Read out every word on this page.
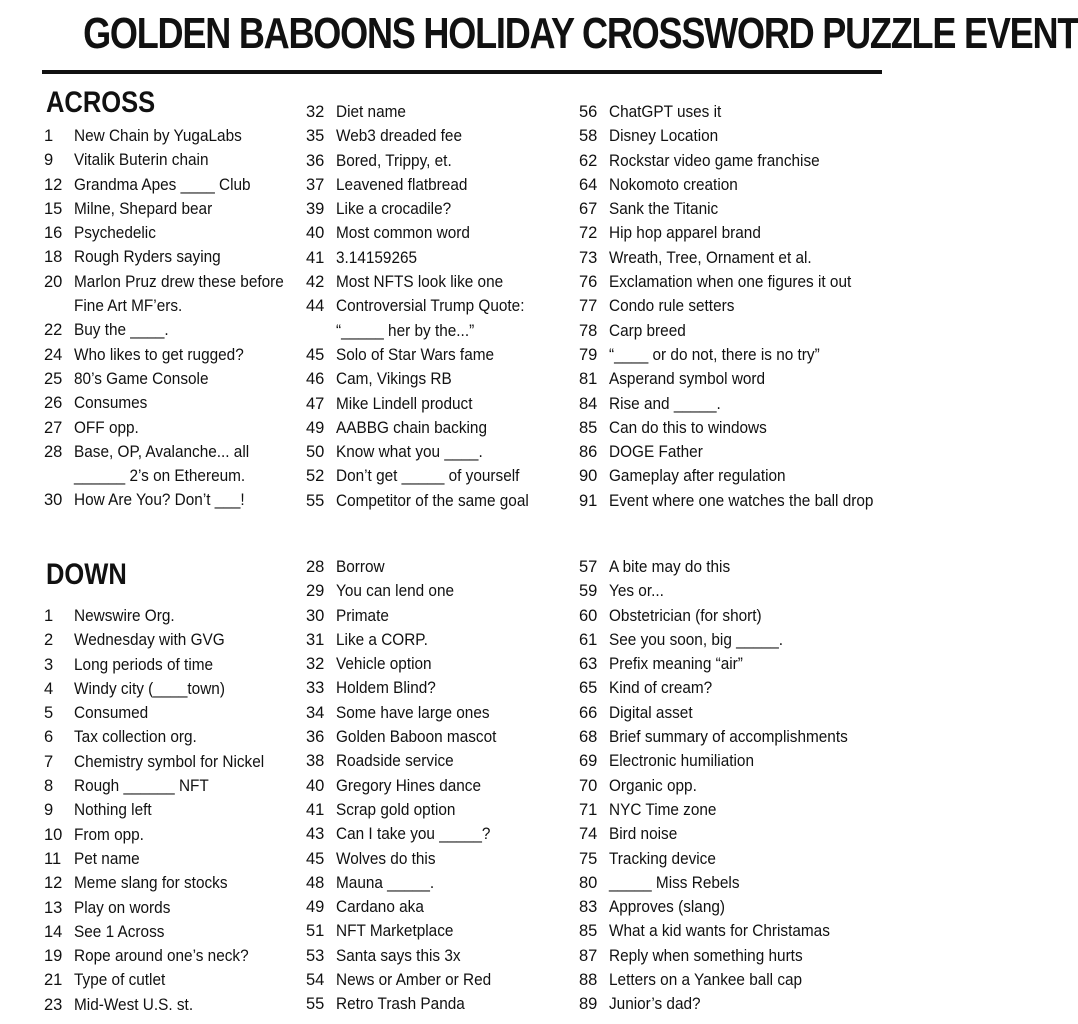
GOLDEN BABOONS HOLIDAY CROSSWORD PUZZLE EVENT
ACROSS
1 New Chain by YugaLabs
9 Vitalik Buterin chain
12 Grandma Apes ____ Club
15 Milne, Shepard bear
16 Psychedelic
18 Rough Ryders saying
20 Marlon Pruz drew these before
Fine Art MF’ers.
22 Buy the ____.
24 Who likes to get rugged?
25 80’s Game Console
26 Consumes
27 OFF opp.
28 Base, OP, Avalanche... all
______ 2’s on Ethereum.
30 How Are You? Don’t ___!
32 Diet name
35 Web3 dreaded fee
36 Bored, Trippy, et.
37 Leavened flatbread
39 Like a crocadile?
40 Most common word
41 3.14159265
42 Most NFTS look like one
44 Controversial Trump Quote:
“_____ her by the...”
45 Solo of Star Wars fame
46 Cam, Vikings RB
47 Mike Lindell product
49 AABBG chain backing
50 Know what you ____.
52 Don’t get _____ of yourself
55 Competitor of the same goal
56 ChatGPT uses it
58 Disney Location
62 Rockstar video game franchise
64 Nokomoto creation
67 Sank the Titanic
72 Hip hop apparel brand
73 Wreath, Tree, Ornament et al.
76 Exclamation when one figures it out
77 Condo rule setters
78 Carp breed
79 “____ or do not, there is no try”
81 Asperand symbol word
84 Rise and _____.
85 Can do this to windows
86 DOGE Father
90 Gameplay after regulation
91 Event where one watches the ball drop
DOWN
1 Newswire Org.
2 Wednesday with GVG
3 Long periods of time
4 Windy city (____town)
5 Consumed
6 Tax collection org.
7 Chemistry symbol for Nickel
8 Rough ______ NFT
9 Nothing left
10 From opp.
11 Pet name
12 Meme slang for stocks
13 Play on words
14 See 1 Across
19 Rope around one’s neck?
21 Type of cutlet
23 Mid-West U.S. st.
28 Borrow
29 You can lend one
30 Primate
31 Like a CORP.
32 Vehicle option
33 Holdem Blind?
34 Some have large ones
36 Golden Baboon mascot
38 Roadside service
40 Gregory Hines dance
41 Scrap gold option
43 Can I take you _____?
45 Wolves do this
48 Mauna _____.
49 Cardano aka
51 NFT Marketplace
53 Santa says this 3x
54 News or Amber or Red
55 Retro Trash Panda
57 A bite may do this
59 Yes or...
60 Obstetrician (for short)
61 See you soon, big _____.
63 Prefix meaning “air”
65 Kind of cream?
66 Digital asset
68 Brief summary of accomplishments
69 Electronic humiliation
70 Organic opp.
71 NYC Time zone
74 Bird noise
75 Tracking device
80 _____ Miss Rebels
83 Approves (slang)
85 What a kid wants for Christamas
87 Reply when something hurts
88 Letters on a Yankee ball cap
89 Junior’s dad?
